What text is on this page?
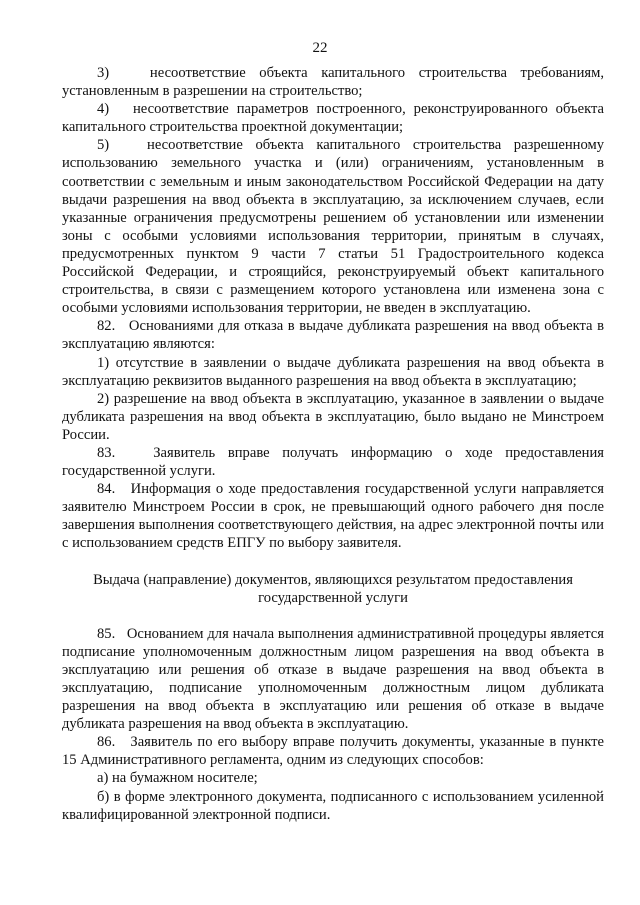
22

3)   несоответствие объекта капитального строительства требованиям, установленным в разрешении на строительство;

4)   несоответствие параметров построенного, реконструированного объекта капитального строительства проектной документации;

5)   несоответствие объекта капитального строительства разрешенному использованию земельного участка и (или) ограничениям, установленным в соответствии с земельным и иным законодательством Российской Федерации на дату выдачи разрешения на ввод объекта в эксплуатацию, за исключением случаев, если указанные ограничения предусмотрены решением об установлении или изменении зоны с особыми условиями использования территории, принятым в случаях, предусмотренных пунктом 9 части 7 статьи 51 Градостроительного кодекса Российской Федерации, и строящийся, реконструируемый объект капитального строительства, в связи с размещением которого установлена или изменена зона с особыми условиями использования территории, не введен в эксплуатацию.

82.   Основаниями для отказа в выдаче дубликата разрешения на ввод объекта в эксплуатацию являются:

1) отсутствие в заявлении о выдаче дубликата разрешения на ввод объекта в эксплуатацию реквизитов выданного разрешения на ввод объекта в эксплуатацию;

2) разрешение на ввод объекта в эксплуатацию, указанное в заявлении о выдаче дубликата разрешения на ввод объекта в эксплуатацию, было выдано не Минстроем России.

83.   Заявитель вправе получать информацию о ходе предоставления государственной услуги.

84.   Информация о ходе предоставления государственной услуги направляется заявителю Минстроем России в срок, не превышающий одного рабочего дня после завершения выполнения соответствующего действия, на адрес электронной почты или с использованием средств ЕПГУ по выбору заявителя.

Выдача (направление) документов, являющихся результатом предоставления
государственной услуги

85.   Основанием для начала выполнения административной процедуры является подписание уполномоченным должностным лицом разрешения на ввод объекта в эксплуатацию или решения об отказе в выдаче разрешения на ввод объекта в эксплуатацию, подписание уполномоченным должностным лицом дубликата разрешения на ввод объекта в эксплуатацию или решения об отказе в выдаче дубликата разрешения на ввод объекта в эксплуатацию.

86.   Заявитель по его выбору вправе получить документы, указанные в пункте 15 Административного регламента, одним из следующих способов:

а) на бумажном носителе;

б) в форме электронного документа, подписанного с использованием усиленной квалифицированной электронной подписи.
